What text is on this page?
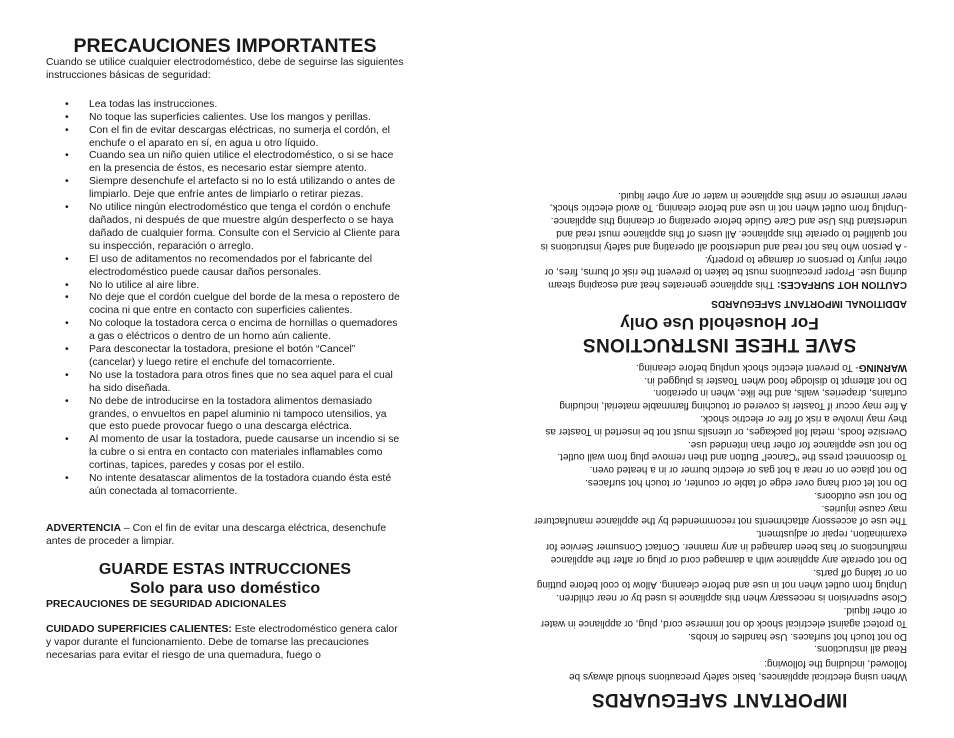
PRECAUCIONES IMPORTANTES

Cuando se utilice cualquier electrodoméstico, debe de seguirse las siguientes instrucciones básicas de seguridad:

• Lea todas las instrucciones.
• No toque las superficies calientes. Use los mangos y perillas.
• Con el fin de evitar descargas eléctricas, no sumerja el cordón, el enchufe o el aparato en sí, en agua u otro líquido.
• Cuando sea un niño quien utilice el electrodoméstico, o si se hace en la presencia de éstos, es necesario estar siempre atento.
• Siempre desenchufe el artefacto si no lo está utilizando o antes de limpiarlo. Deje que enfríe antes de limpiarlo o retirar piezas.
• No utilice ningún electrodoméstico que tenga el cordón o enchufe dañados, ni después de que muestre algún desperfecto o se haya dañado de cualquier forma. Consulte con el Servicio al Cliente para su inspección, reparación o arreglo.
• El uso de aditamentos no recomendados por el fabricante del electrodoméstico puede causar daños personales.
• No lo utilice al aire libre.
• No deje que el cordón cuelgue del borde de la mesa o repostero de cocina ni que entre en contacto con superficies calientes.
• No coloque la tostadora cerca o encima de hornillas o quemadores a gas o eléctricos o dentro de un horno aún caliente.
• Para desconectar la tostadora, presione el botón “Cancel” (cancelar) y luego retire el enchufe del tomacorriente.
• No use la tostadora para otros fines que no sea aquel para el cual ha sido diseñada.
• No debe de introducirse en la tostadora alimentos demasiado grandes, o envueltos en papel aluminio ni tampoco utensilios, ya que esto puede provocar fuego o una descarga eléctrica.
• Al momento de usar la tostadora, puede causarse un incendio si se la cubre o si entra en contacto con materiales inflamables como cortinas, tapices, paredes y cosas por el estilo.
• No intente desatascar alimentos de la tostadora cuando ésta esté aún conectada al tomacorriente.

ADVERTENCIA – Con el fin de evitar una descarga eléctrica, desenchufe antes de proceder a limpiar.

GUARDE ESTAS INTRUCCIONES
Solo para uso doméstico

PRECAUCIONES DE SEGURIDAD ADICIONALES

CUIDADO SUPERFICIES CALIENTES: Este electrodoméstico genera calor y vapor durante el funcionamiento. Debe de tomarse las precauciones necesarias para evitar el riesgo de una quemadura, fuego o

IMPORTANT SAFEGUARDS

When using electrical appliances, basic safety precautions should always be followed, including the following:

Read all instructions.
Do not touch hot surfaces. Use handles or knobs.
To protect against electrical shock do not immerse cord, plug, or appliance in water or other liquid.
Close supervision is necessary when this appliance is used by or near children.
Unplug from outlet when not in use and before cleaning. Allow to cool before putting on or taking off parts.
Do not operate any appliance with a damaged cord or plug or after the appliance malfunctions or has been damaged in any manner. Contact Consumer Service for examination, repair or adjustment.
The use of accessory attachments not recommended by the appliance manufacturer may cause injuries.
Do not use outdoors.
Do not let cord hang over edge of table or counter, or touch hot surfaces.
Do not place on or near a hot gas or electric burner or in a heated oven.
To disconnect press the “Cancel” Button and then remove plug from wall outlet.
Do not use appliance for other than intended use.
Oversize foods, metal foil packages, or utensils must not be inserted in Toaster as they may involve a risk of fire or electric shock.
A fire may occur if Toaster is covered or touching flammable material, including curtains, draperies, walls, and the like, when in operation.
Do not attempt to dislodge food when Toaster is plugged in.

WARNING- To prevent electric shock unplug before cleaning.

SAVE THESE INSTRUCTIONS
For Household Use Only

ADDITIONAL IMPORTANT SAFEGUARDS

CAUTION HOT SURFACES: This appliance generates heat and escaping steam during use. Proper precautions must be taken to prevent the risk of burns, fires, or other injury to persons or damage to property.

- A person who has not read and understood all operating and safety instructions is not qualified to operate this appliance. All users of this appliance must read and understand this Use and Care Guide before operating or cleaning this appliance.

-Unplug from outlet when not in use and before cleaning. To avoid electric shock, never immerse or rinse this appliance in water or any other liquid.
